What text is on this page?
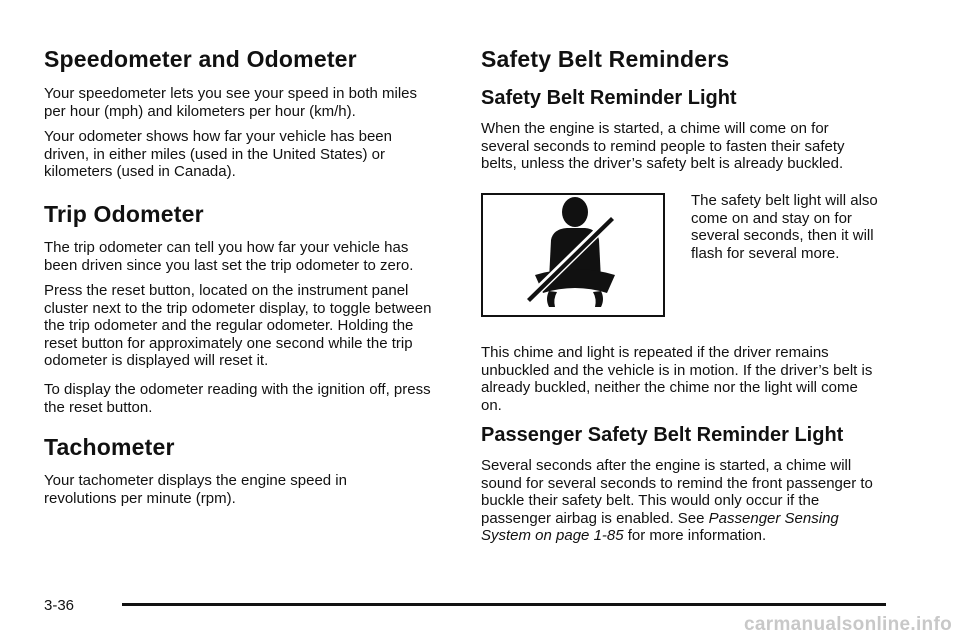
Speedometer and Odometer

Your speedometer lets you see your speed in both miles per hour (mph) and kilometers per hour (km/h).

Your odometer shows how far your vehicle has been driven, in either miles (used in the United States) or kilometers (used in Canada).

Trip Odometer

The trip odometer can tell you how far your vehicle has been driven since you last set the trip odometer to zero.

Press the reset button, located on the instrument panel cluster next to the trip odometer display, to toggle between the trip odometer and the regular odometer. Holding the reset button for approximately one second while the trip odometer is displayed will reset it.

To display the odometer reading with the ignition off, press the reset button.

Tachometer

Your tachometer displays the engine speed in revolutions per minute (rpm).

Safety Belt Reminders
Safety Belt Reminder Light

When the engine is started, a chime will come on for several seconds to remind people to fasten their safety belts, unless the driver’s safety belt is already buckled.

The safety belt light will also come on and stay on for several seconds, then it will flash for several more.

This chime and light is repeated if the driver remains unbuckled and the vehicle is in motion. If the driver’s belt is already buckled, neither the chime nor the light will come on.

Passenger Safety Belt Reminder Light

Several seconds after the engine is started, a chime will sound for several seconds to remind the front passenger to buckle their safety belt. This would only occur if the passenger airbag is enabled. See Passenger Sensing System on page 1-85 for more information.

3-36
carmanualsonline.info
